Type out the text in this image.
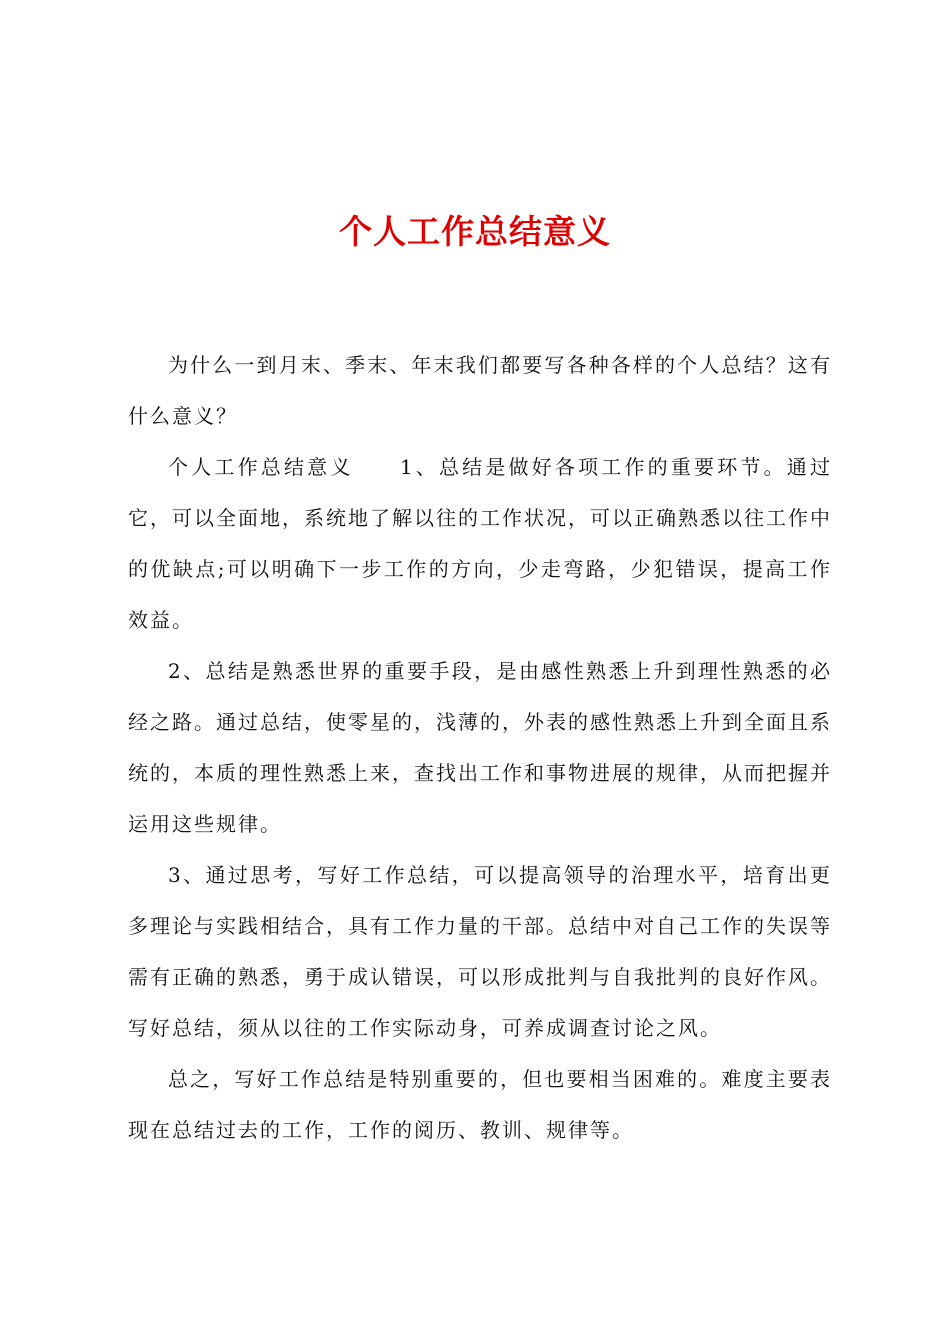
个人工作总结意义

为什么一到月末、季末、年末我们都要写各种各样的个人总结？这有什么意义？

个人工作总结意义　　1、总结是做好各项工作的重要环节。通过它，可以全面地，系统地了解以往的工作状况，可以正确熟悉以往工作中的优缺点;可以明确下一步工作的方向，少走弯路，少犯错误，提高工作效益。

2、总结是熟悉世界的重要手段，是由感性熟悉上升到理性熟悉的必经之路。通过总结，使零星的，浅薄的，外表的感性熟悉上升到全面且系统的，本质的理性熟悉上来，查找出工作和事物进展的规律，从而把握并运用这些规律。

3、通过思考，写好工作总结，可以提高领导的治理水平，培育出更多理论与实践相结合，具有工作力量的干部。总结中对自己工作的失误等需有正确的熟悉，勇于成认错误，可以形成批判与自我批判的良好作风。写好总结，须从以往的工作实际动身，可养成调查讨论之风。

总之，写好工作总结是特别重要的，但也要相当困难的。难度主要表现在总结过去的工作，工作的阅历、教训、规律等。
